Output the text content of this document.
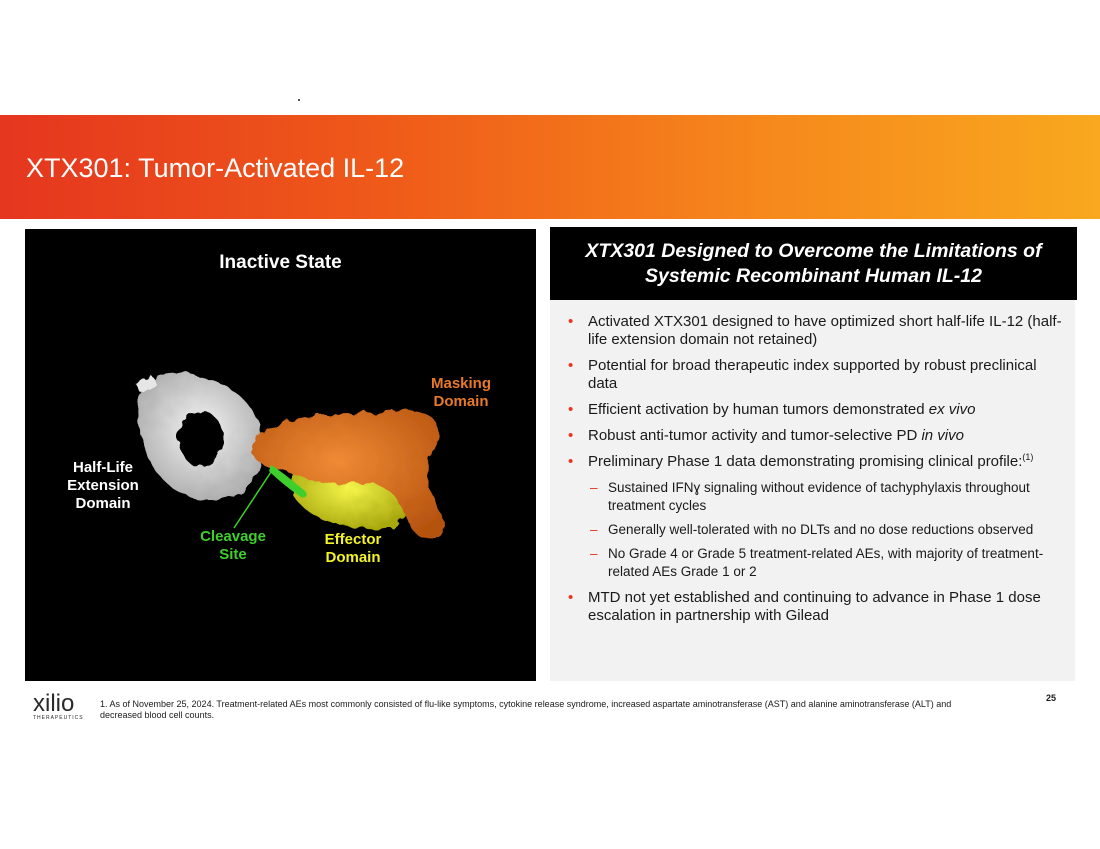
XTX301: Tumor-Activated IL-12
Inactive State
Masking Domain
Half-Life Extension Domain
Cleavage Site
Effector Domain
XTX301 Designed to Overcome the Limitations of Systemic Recombinant Human IL-12
• Activated XTX301 designed to have optimized short half-life IL-12 (half-life extension domain not retained)
• Potential for broad therapeutic index supported by robust preclinical data
• Efficient activation by human tumors demonstrated ex vivo
• Robust anti-tumor activity and tumor-selective PD in vivo
• Preliminary Phase 1 data demonstrating promising clinical profile:$^{(1)}$
– Sustained IFNɣ signaling without evidence of tachyphylaxis throughout treatment cycles
– Generally well-tolerated with no DLTs and no dose reductions observed
– No Grade 4 or Grade 5 treatment-related AEs, with majority of treatment-related AEs Grade 1 or 2
• MTD not yet established and continuing to advance in Phase 1 dose escalation in partnership with Gilead
xilio
THERAPEUTICS
1. As of November 25, 2024. Treatment-related AEs most commonly consisted of flu-like symptoms, cytokine release syndrome, increased aspartate aminotransferase (AST) and alanine aminotransferase (ALT) and decreased blood cell counts.
25
